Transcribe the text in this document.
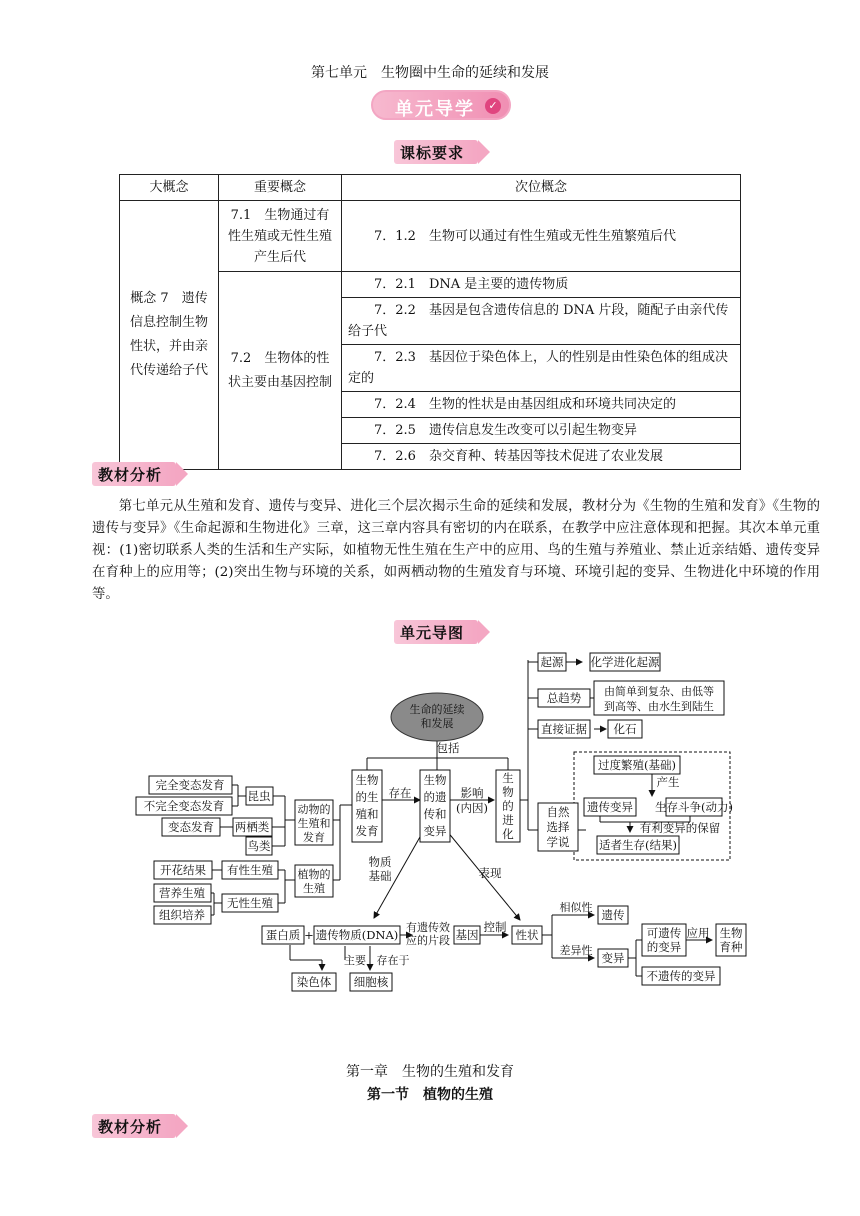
第七单元　生物圈中生命的延续和发展
单元导学	✓
课标要求
大概念	重要概念	次位概念
概念 7　遗传信息控制生物性状，并由亲代传递给子代	7.1　生物通过有性生殖或无性生殖产生后代	7．1.2　生物可以通过有性生殖或无性生殖繁殖后代
	7.2　生物体的性状主要由基因控制	7．2.1　DNA 是主要的遗传物质
		7．2.2　基因是包含遗传信息的 DNA 片段，随配子由亲代传给子代
		7．2.3　基因位于染色体上，人的性别是由性染色体的组成决定的
		7．2.4　生物的性状是由基因组成和环境共同决定的
		7．2.5　遗传信息发生改变可以引起生物变异
		7．2.6　杂交育种、转基因等技术促进了农业发展
教材分析
第七单元从生殖和发育、遗传与变异、进化三个层次揭示生命的延续和发展，教材分为《生物的生殖和发育》《生物的遗传与变异》《生命起源和生物进化》三章，这三章内容具有密切的内在联系，在教学中应注意体现和把握。其次本单元重视：(1)密切联系人类的生活和生产实际，如植物无性生殖在生产中的应用、鸟的生殖与养殖业、禁止近亲结婚、遗传变异在育种上的应用等；(2)突出生物与环境的关系，如两栖动物的生殖发育与环境、环境引起的变异、生物进化中环境的作用等。
单元导图
生命的延续
和发展
包括
生物
的生
殖和
发育
生物
的遗
传和
变异
生
物
的
进
化
存在	影响
(内因)
动物的
生殖和
发育
植物的
生殖
昆虫
两栖类
鸟类
完全变态发育
不完全变态发育
变态发育
有性生殖
无性生殖
开花结果
营养生殖
组织培养
起源 化学进化起源
总趋势 由简单到复杂、由低等
到高等、由水生到陆生
直接证据 化石
自然
选择
学说
过度繁殖(基础)
产生
遗传变异 生存斗争(动力)
有利变异的保留
适者生存(结果)
物质
基础	表现
蛋白质 + 遗传物质(DNA)
有遗传效
应的片段 基因
控制
性状
相似性
遗传
差异性
变异
可遗传
的变异
应用 生物
育种
不遗传的变异
主要 存在于
染色体 细胞核
第一章　生物的生殖和发育
第一节　植物的生殖
教材分析
